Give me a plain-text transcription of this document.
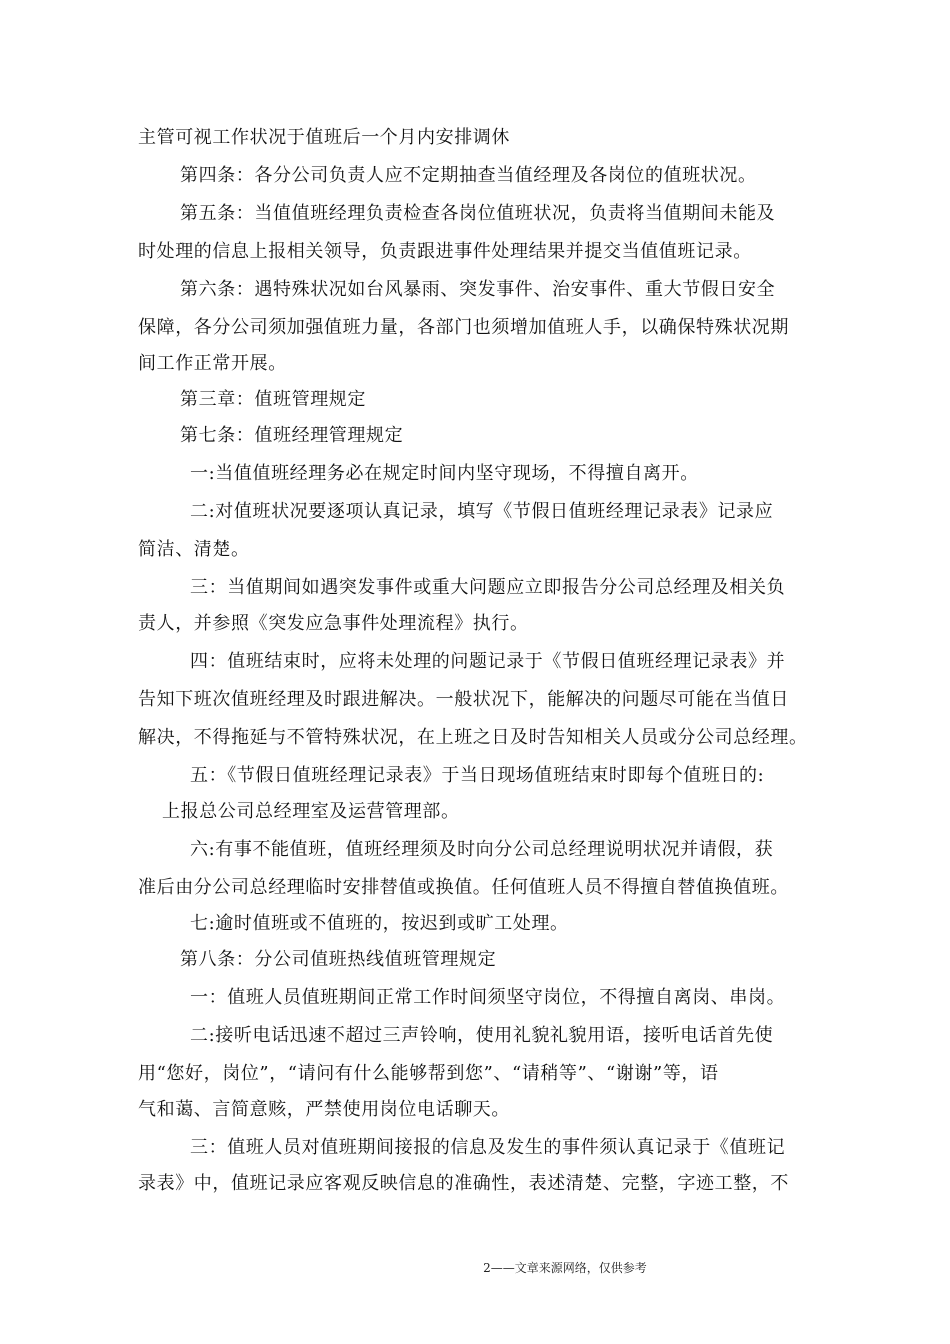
主管可视工作状况于值班后一个月内安排调休
第四条：各分公司负责人应不定期抽查当值经理及各岗位的值班状况。
第五条：当值值班经理负责检查各岗位值班状况，负责将当值期间未能及
时处理的信息上报相关领导，负责跟进事件处理结果并提交当值值班记录。
第六条：遇特殊状况如台风暴雨、突发事件、治安事件、重大节假日安全
保障，各分公司须加强值班力量，各部门也须增加值班人手，以确保特殊状况期
间工作正常开展。
第三章：值班管理规定
第七条：值班经理管理规定
一:当值值班经理务必在规定时间内坚守现场，不得擅自离开。
二:对值班状况要逐项认真记录，填写《节假日值班经理记录表》记录应
简洁、清楚。
三：当值期间如遇突发事件或重大问题应立即报告分公司总经理及相关负
责人，并参照《突发应急事件处理流程》执行。
四：值班结束时，应将未处理的问题记录于《节假日值班经理记录表》并
告知下班次值班经理及时跟进解决。一般状况下，能解决的问题尽可能在当值日
解决，不得拖延与不管特殊状况，在上班之日及时告知相关人员或分公司总经理。
五：《节假日值班经理记录表》于当日现场值班结束时即每个值班日的:
上报总公司总经理室及运营管理部。
六:有事不能值班，值班经理须及时向分公司总经理说明状况并请假，获
准后由分公司总经理临时安排替值或换值。任何值班人员不得擅自替值换值班。
七:逾时值班或不值班的，按迟到或旷工处理。
第八条：分公司值班热线值班管理规定
一：值班人员值班期间正常工作时间须坚守岗位，不得擅自离岗、串岗。
二:接听电话迅速不超过三声铃响，使用礼貌礼貌用语，接听电话首先使
用“您好，岗位”，“请问有什么能够帮到您”、“请稍等”、“谢谢”等，语
气和蔼、言简意赅，严禁使用岗位电话聊天。
三：值班人员对值班期间接报的信息及发生的事件须认真记录于《值班记
录表》中，值班记录应客观反映信息的准确性，表述清楚、完整，字迹工整，不
2——文章来源网络，仅供参考
